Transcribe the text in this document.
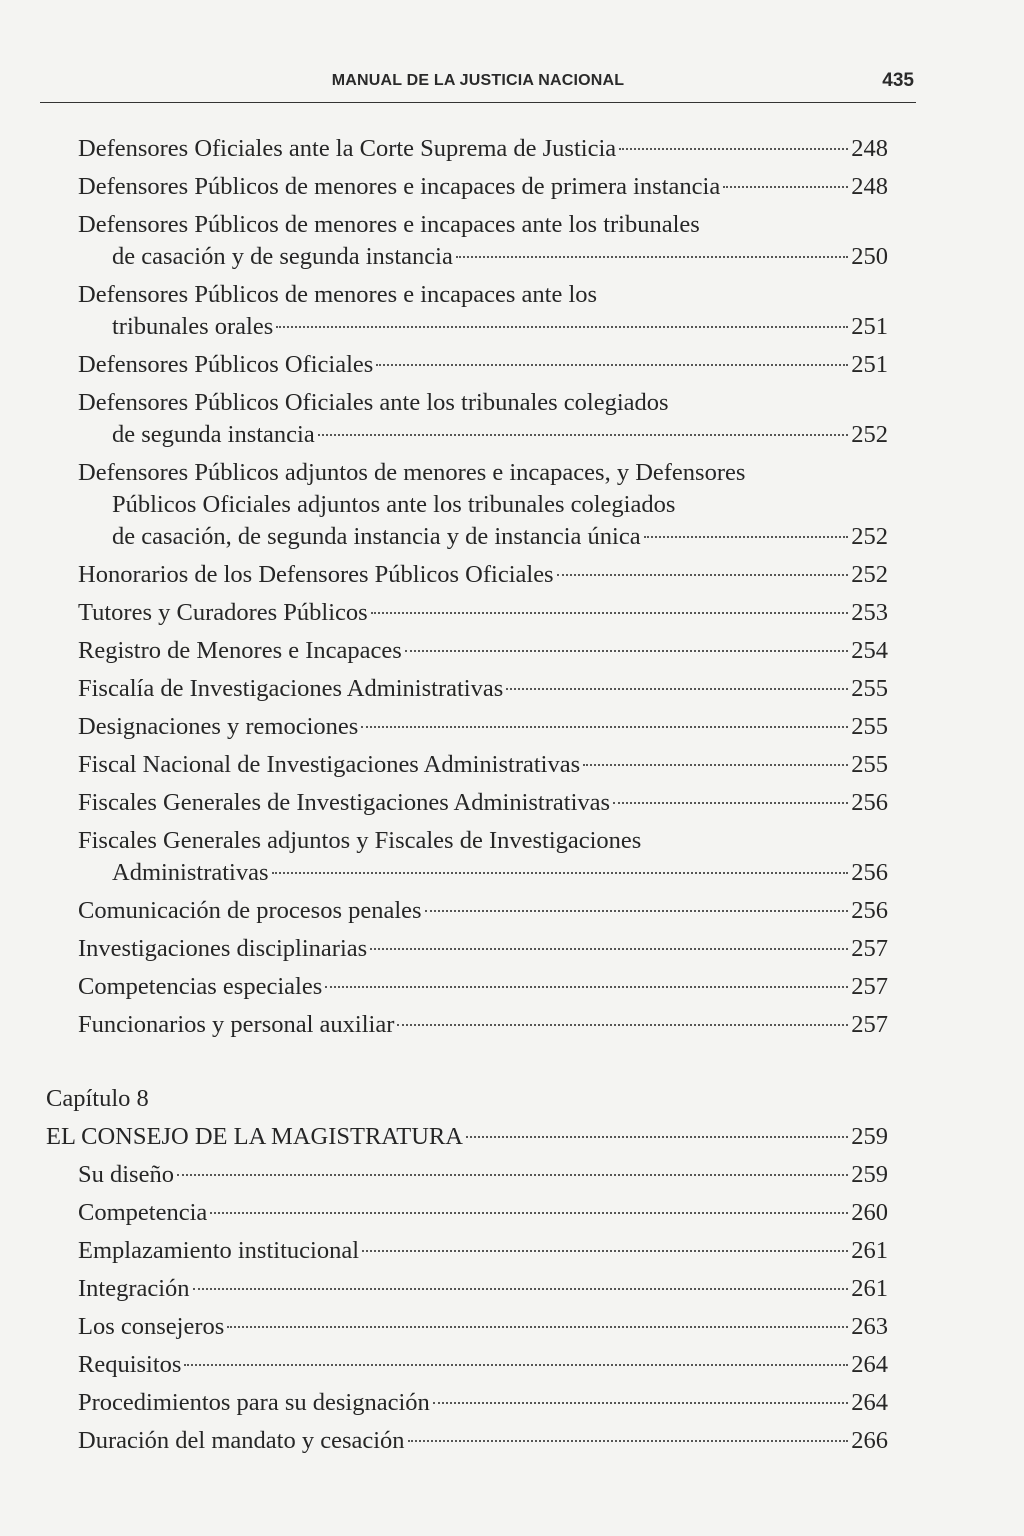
MANUAL DE LA JUSTICIA NACIONAL	435
Defensores Oficiales ante la Corte Suprema de Justicia	248
Defensores Públicos de menores e incapaces de primera instancia	248
Defensores Públicos de menores e incapaces ante los tribunales
de casación y de segunda instancia	250
Defensores Públicos de menores e incapaces ante los
tribunales orales	251
Defensores Públicos Oficiales	251
Defensores Públicos Oficiales ante los tribunales colegiados
de segunda instancia	252
Defensores Públicos adjuntos de menores e incapaces, y Defensores
Públicos Oficiales adjuntos ante los tribunales colegiados
de casación, de segunda instancia y de instancia única	252
Honorarios de los Defensores Públicos Oficiales	252
Tutores y Curadores Públicos	253
Registro de Menores e Incapaces	254
Fiscalía de Investigaciones Administrativas	255
Designaciones y remociones	255
Fiscal Nacional de Investigaciones Administrativas	255
Fiscales Generales de Investigaciones Administrativas	256
Fiscales Generales adjuntos y Fiscales de Investigaciones
Administrativas	256
Comunicación de procesos penales	256
Investigaciones disciplinarias	257
Competencias especiales	257
Funcionarios y personal auxiliar	257
Capítulo 8
EL CONSEJO DE LA MAGISTRATURA	259
Su diseño	259
Competencia	260
Emplazamiento institucional	261
Integración	261
Los consejeros	263
Requisitos	264
Procedimientos para su designación	264
Duración del mandato y cesación	266
